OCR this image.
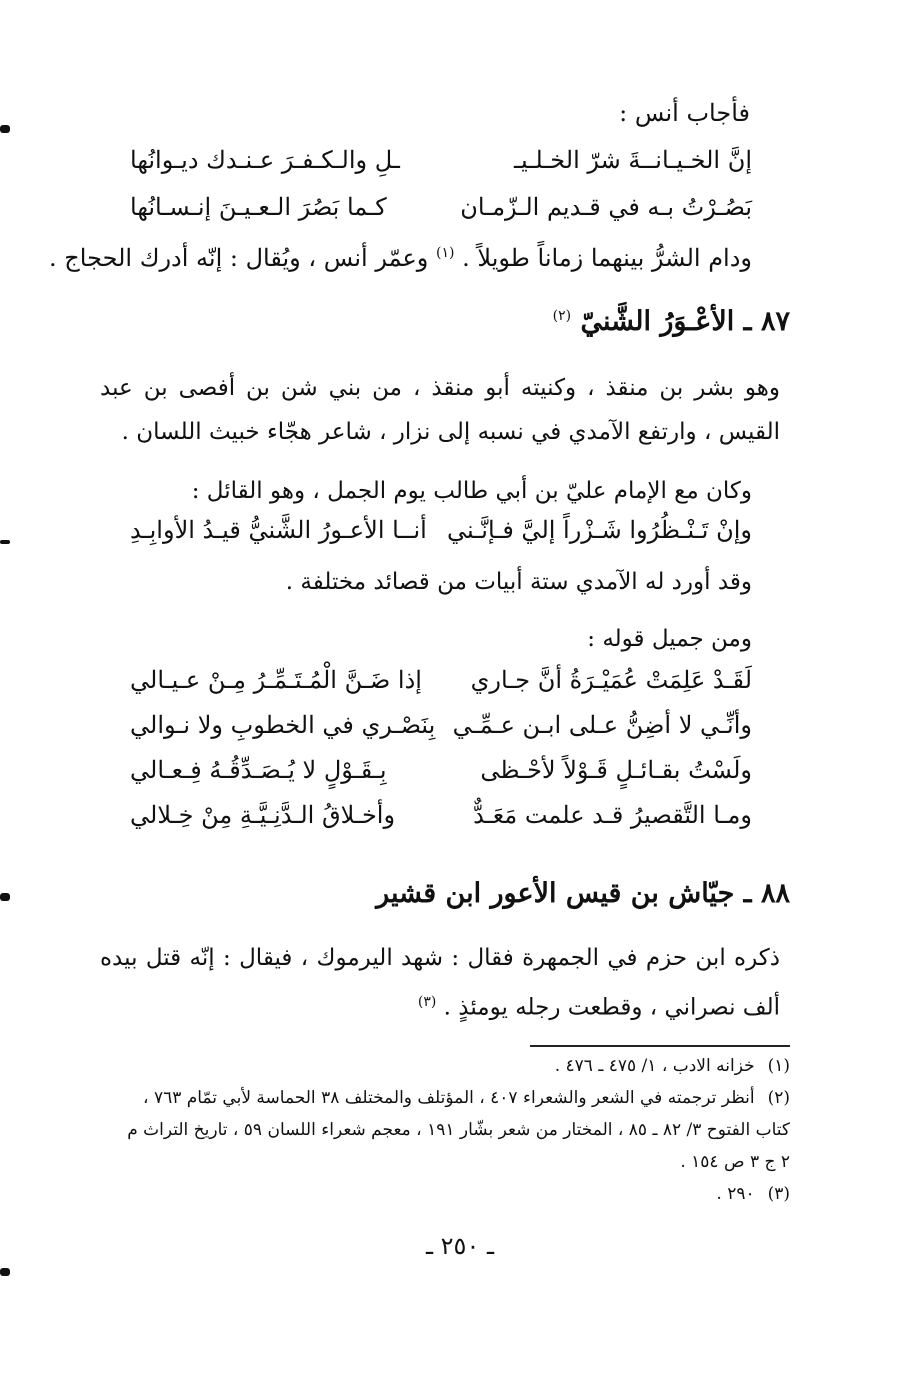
فأجاب أنس :
إنَّ الخـيـانــةَ شرّ الخـلـيـ
ـلِ والـكـفـرَ عـنـدك ديـوانُها
بَصُـرْتُ بـه في قـديم الـزّمـان
كـما بَصُرَ الـعـيـنَ إنـسـانُها
ودام الشرُّ بينهما زماناً طويلاً . $^{(١)}$ وعمّر أنس ، ويُقال : إنّه أدرك الحجاج .
٨٧ ـ الأعْـوَرُ الشَّنيّ $^{(٢)}$
وهو بشر بن منقذ ، وكنيته أبو منقذ ، من بني شن بن أفصى بن عبد القيس ، وارتفع الآمدي في نسبه إلى نزار ، شاعر هجّاء خبيث اللسان .
وكان مع الإمام عليّ بن أبي طالب يوم الجمل ، وهو القائل :
وإنْ تَـنْـظُرُوا شَـزْراً إليَّ فـإنَّـني
أنــا الأعـورُ الشَّنيُّ قيـدُ الأوابِـدِ
وقد أورد له الآمدي ستة أبيات من قصائد مختلفة .
ومن جميل قوله :
لَقَـدْ عَلِمَتْ عُمَيْـرَةُ أنَّ جـاري
إذا ضَـنَّ الْمُـتَـمِّـرُ مِـنْ عـيـالي
وأنِّـي لا أضِنُّ عـلى ابـن عـمِّـي
بِنَصْـري في الخطوبِ ولا نـوالي
ولَسْتُ بقـائـلٍ قَـوْلاً لأحْـظى
بِـقَـوْلٍ لا يُـصَـدِّقُـهُ فِـعـالي
ومـا التَّقصيرُ قـد علمت مَعَـدٌّ
وأخـلاقُ الـدَّنِـيَّـةِ مِنْ خِـلالي
٨٨ ـ جيّاش بن قيس الأعور ابن قشير
ذكره ابن حزم في الجمهرة فقال : شهد اليرموك ، فيقال : إنّه قتل بيده ألف نصراني ، وقطعت رجله يومئذٍ . $^{(٣)}$
(١) خزانه الادب ، ١/ ٤٧٥ ـ ٤٧٦ .
(٢) أنظر ترجمته في الشعر والشعراء ٤٠٧ ، المؤتلف والمختلف ٣٨ الحماسة لأبي تمّام ٧٦٣ ، كتاب الفتوح ٣/ ٨٢ ـ ٨٥ ، المختار من شعر بشّار ١٩١ ، معجم شعراء اللسان ٥٩ ، تاريخ التراث م ٢ ج ٣ ص ١٥٤ .
(٣) ٢٩٠ .
ـ ٢٥٠ ـ
